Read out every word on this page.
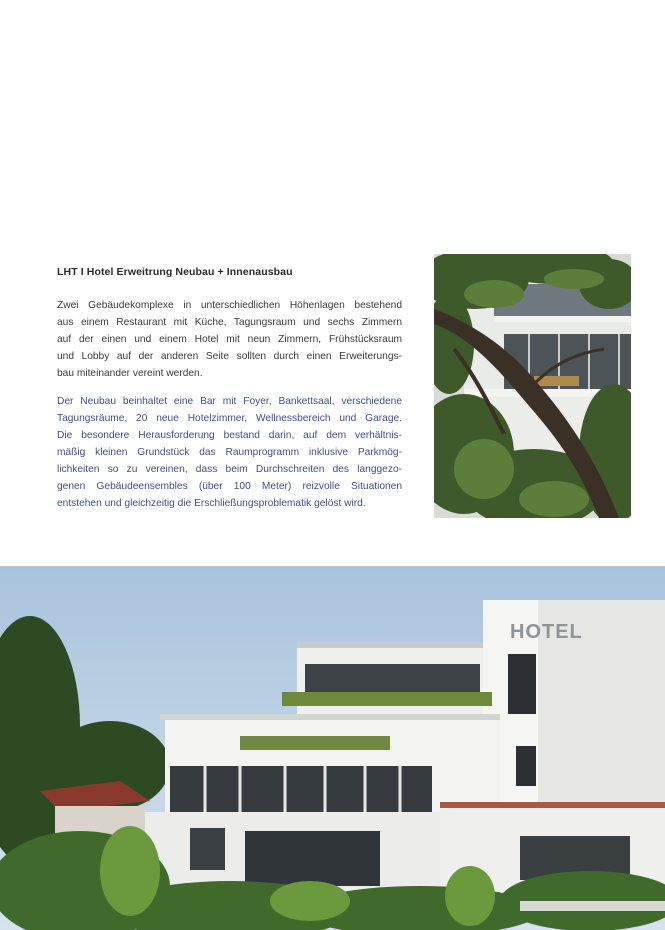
LHT I Hotel Erweitrung Neubau + Innenausbau
Zwei Gebäudekomplexe in unterschiedlichen Höhenlagen bestehend
aus einem Restaurant mit Küche, Tagungsraum und sechs Zimmern
auf der einen und einem Hotel mit neun Zimmern, Frühstücksraum
und Lobby auf der anderen Seite sollten durch einen Erweiterungs-
bau miteinander vereint werden.
Der Neubau beinhaltet eine Bar mit Foyer, Bankettsaal, verschiedene
Tagungsräume, 20 neue Hotelzimmer, Wellnessbereich und Garage.
Die besondere Herausforderung bestand darin, auf dem verhältnis-
mäßig kleinen Grundstück das Raumprogramm inklusive Parkmög-
lichkeiten so zu vereinen, dass beim Durchschreiten des langgezo-
genen Gebäudeensembles (über 100 Meter) reizvolle Situationen
entstehen und gleichzeitig die Erschließungsproblematik gelöst wird.
HOTEL
